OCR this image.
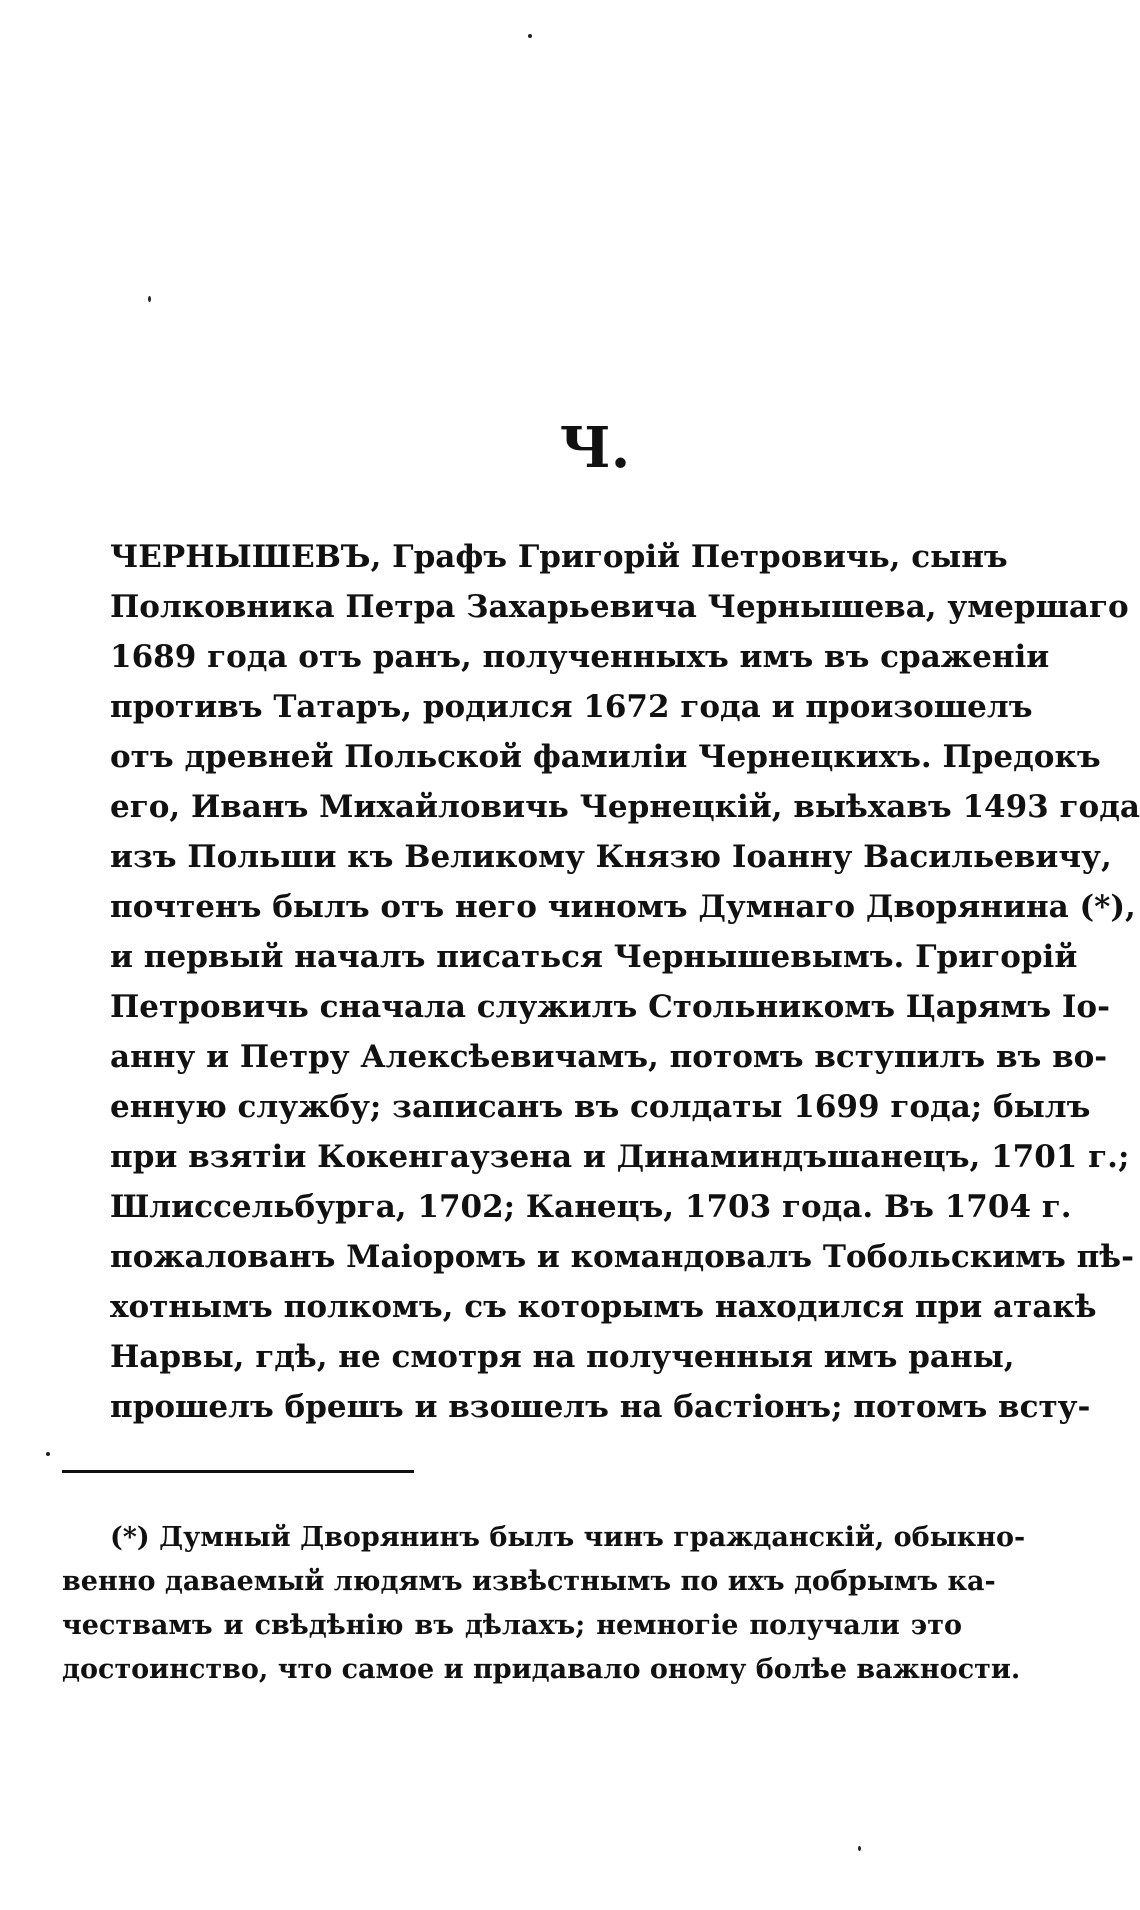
Ч.
ЧЕРНЫШЕВЪ, Графъ Григорій Петровичь, сынъ
Полковника Петра Захарьевича Чернышева, умершаго
1689 года отъ ранъ, полученныхъ имъ въ сраженіи
противъ Татаръ, родился 1672 года и произошелъ
отъ древней Польской фамиліи Чернецкихъ. Предокъ
его, Иванъ Михайловичь Чернецкій, выѣхавъ 1493 года
изъ Польши къ Великому Князю Іоанну Васильевичу,
почтенъ былъ отъ него чиномъ Думнаго Дворянина (*),
и первый началъ писаться Чернышевымъ. Григорій
Петровичь сначала служилъ Стольникомъ Царямъ Іо-
анну и Петру Алексѣевичамъ, потомъ вступилъ въ во-
енную службу; записанъ въ солдаты 1699 года; былъ
при взятіи Кокенгаузена и Динаминдъшанецъ, 1701 г.;
Шлиссельбурга, 1702; Канецъ, 1703 года. Въ 1704 г.
пожалованъ Маіоромъ и командовалъ Тобольскимъ пѣ-
хотнымъ полкомъ, съ которымъ находился при атакѣ
Нарвы, гдѣ, не смотря на полученныя имъ раны,
прошелъ брешъ и взошелъ на бастіонъ; потомъ всту-
(*) Думный Дворянинъ былъ чинъ гражданскій, обыкно-
венно даваемый людямъ извѣстнымъ по ихъ добрымъ ка-
чествамъ и свѣдѣнію въ дѣлахъ; немногіе получали это
достоинство, что самое и придавало оному болѣе важности.
